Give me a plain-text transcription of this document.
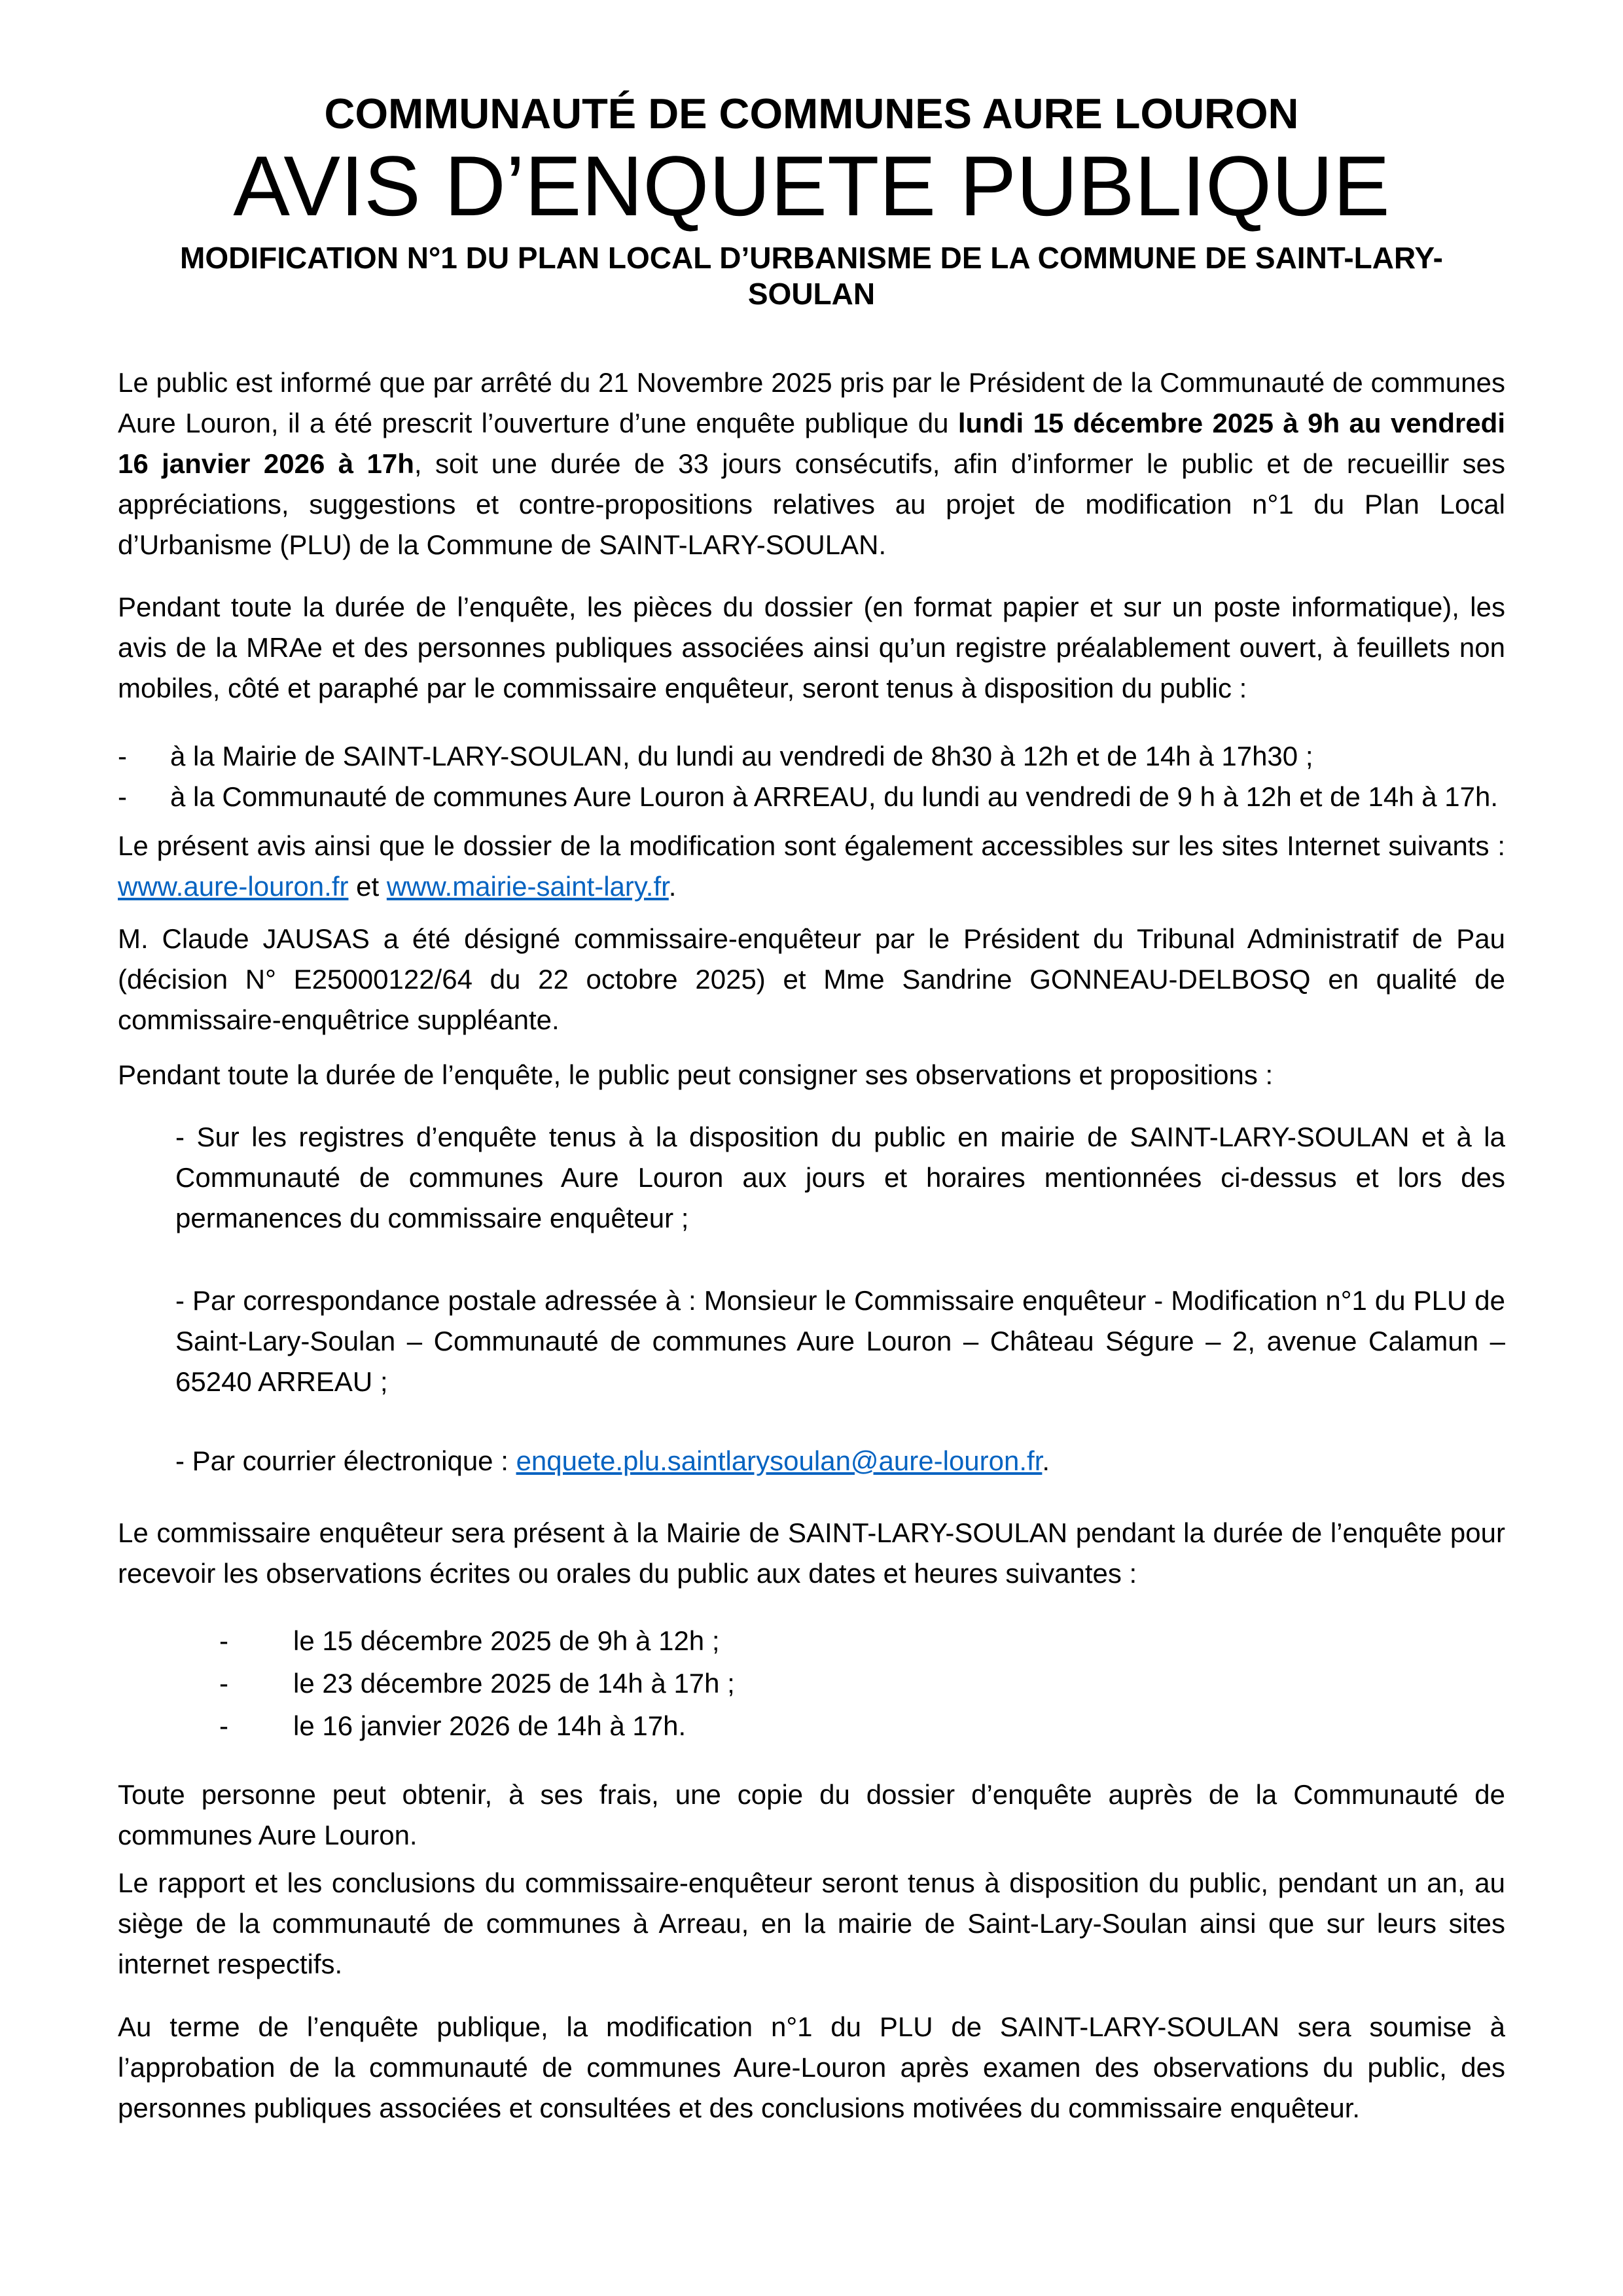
COMMUNAUTÉ DE COMMUNES AURE LOURON
AVIS D’ENQUETE PUBLIQUE
MODIFICATION N°1 DU PLAN LOCAL D’URBANISME DE LA COMMUNE DE SAINT-LARY-SOULAN

Le public est informé que par arrêté du 21 Novembre 2025 pris par le Président de la Communauté de communes Aure Louron, il a été prescrit l’ouverture d’une enquête publique du lundi 15 décembre 2025 à 9h au vendredi 16 janvier 2026 à 17h, soit une durée de 33 jours consécutifs, afin d’informer le public et de recueillir ses appréciations, suggestions et contre-propositions relatives au projet de modification n°1 du Plan Local d’Urbanisme (PLU) de la Commune de SAINT-LARY-SOULAN.

Pendant toute la durée de l’enquête, les pièces du dossier (en format papier et sur un poste informatique), les avis de la MRAe et des personnes publiques associées ainsi qu’un registre préalablement ouvert, à feuillets non mobiles, côté et paraphé par le commissaire enquêteur, seront tenus à disposition du public :

- à la Mairie de SAINT-LARY-SOULAN, du lundi au vendredi de 8h30 à 12h et de 14h à 17h30 ;
- à la Communauté de communes Aure Louron à ARREAU, du lundi au vendredi de 9 h à 12h et de 14h à 17h.

Le présent avis ainsi que le dossier de la modification sont également accessibles sur les sites Internet suivants : www.aure-louron.fr et www.mairie-saint-lary.fr.

M. Claude JAUSAS a été désigné commissaire-enquêteur par le Président du Tribunal Administratif de Pau (décision N° E25000122/64 du 22 octobre 2025) et Mme Sandrine GONNEAU-DELBOSQ en qualité de commissaire-enquêtrice suppléante.

Pendant toute la durée de l’enquête, le public peut consigner ses observations et propositions :

- Sur les registres d’enquête tenus à la disposition du public en mairie de SAINT-LARY-SOULAN et à la Communauté de communes Aure Louron aux jours et horaires mentionnées ci-dessus et lors des permanences du commissaire enquêteur ;

- Par correspondance postale adressée à : Monsieur le Commissaire enquêteur - Modification n°1 du PLU de Saint-Lary-Soulan – Communauté de communes Aure Louron – Château Ségure – 2, avenue Calamun – 65240 ARREAU ;

- Par courrier électronique : enquete.plu.saintlarysoulan@aure-louron.fr.

Le commissaire enquêteur sera présent à la Mairie de SAINT-LARY-SOULAN pendant la durée de l’enquête pour recevoir les observations écrites ou orales du public aux dates et heures suivantes :

- le 15 décembre 2025 de 9h à 12h ;
- le 23 décembre 2025 de 14h à 17h ;
- le 16 janvier 2026 de 14h à 17h.

Toute personne peut obtenir, à ses frais, une copie du dossier d’enquête auprès de la Communauté de communes Aure Louron.

Le rapport et les conclusions du commissaire-enquêteur seront tenus à disposition du public, pendant un an, au siège de la communauté de communes à Arreau, en la mairie de Saint-Lary-Soulan ainsi que sur leurs sites internet respectifs.

Au terme de l’enquête publique, la modification n°1 du PLU de SAINT-LARY-SOULAN sera soumise à l’approbation de la communauté de communes Aure-Louron après examen des observations du public, des personnes publiques associées et consultées et des conclusions motivées du commissaire enquêteur.
